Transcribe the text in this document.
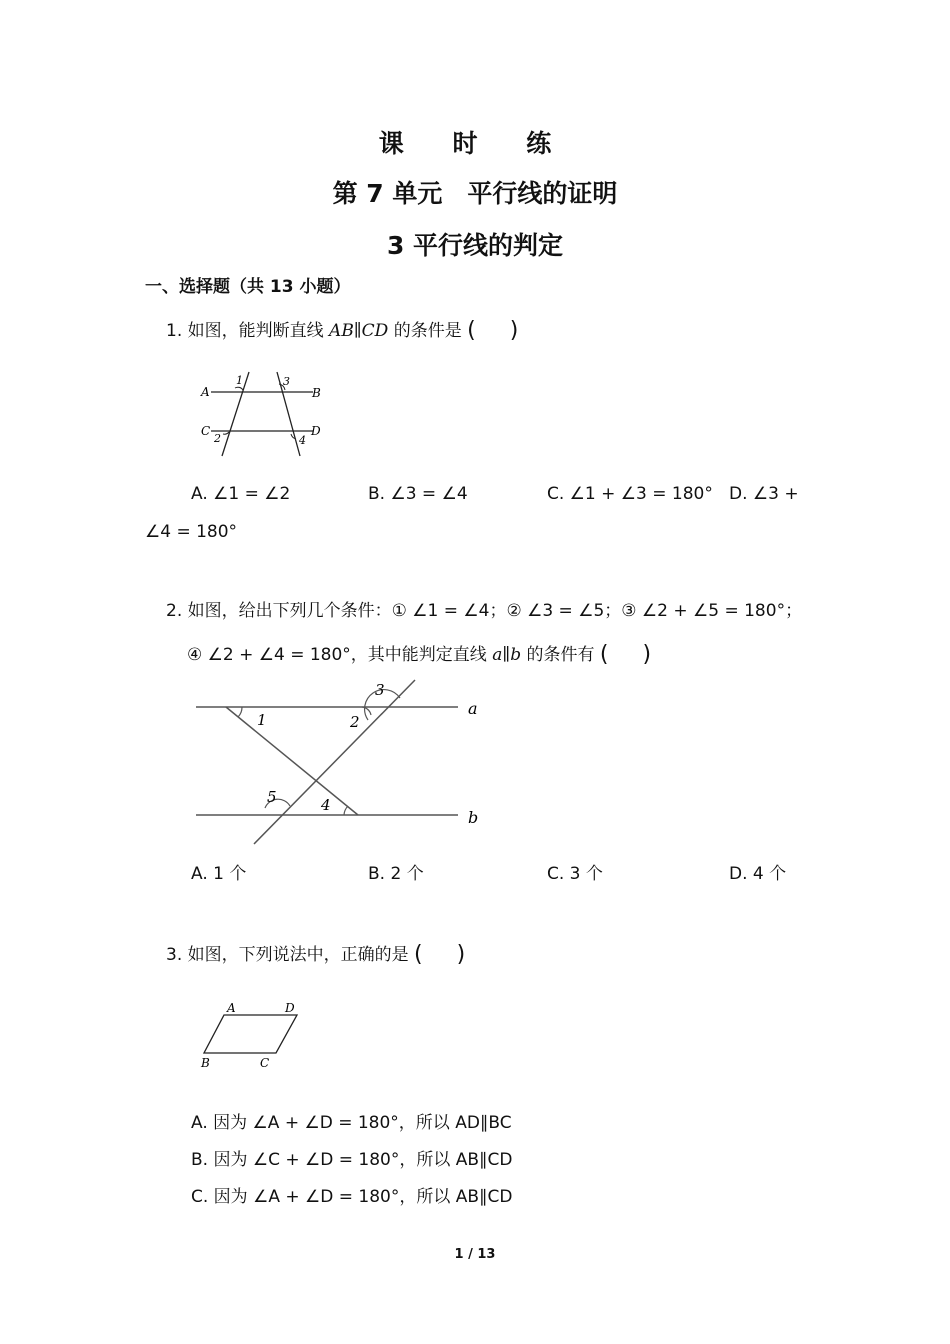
课 时 练
第 7 单元　平行线的证明
3 平行线的判定
一、选择题（共 13 小题）
1. 如图，能判断直线 AB∥CD 的条件是 ( )
A	B
C	D
1	3
2	4
A. ∠1 = ∠2	B. ∠3 = ∠4	C. ∠1 + ∠3 = 180° D. ∠3 +
∠4 = 180°
2. 如图，给出下列几个条件：① ∠1 = ∠4；② ∠3 = ∠5；③ ∠2 + ∠5 = 180°；
④ ∠2 + ∠4 = 180°，其中能判定直线 a∥b 的条件有 ( )
1	2
3
4
5
a
b
A. 1 个	B. 2 个	C. 3 个	D. 4 个
3. 如图，下列说法中，正确的是 ( )
A	D
B	C
A. 因为 ∠A + ∠D = 180°，所以 AD∥BC
B. 因为 ∠C + ∠D = 180°，所以 AB∥CD
C. 因为 ∠A + ∠D = 180°，所以 AB∥CD
1 / 13
